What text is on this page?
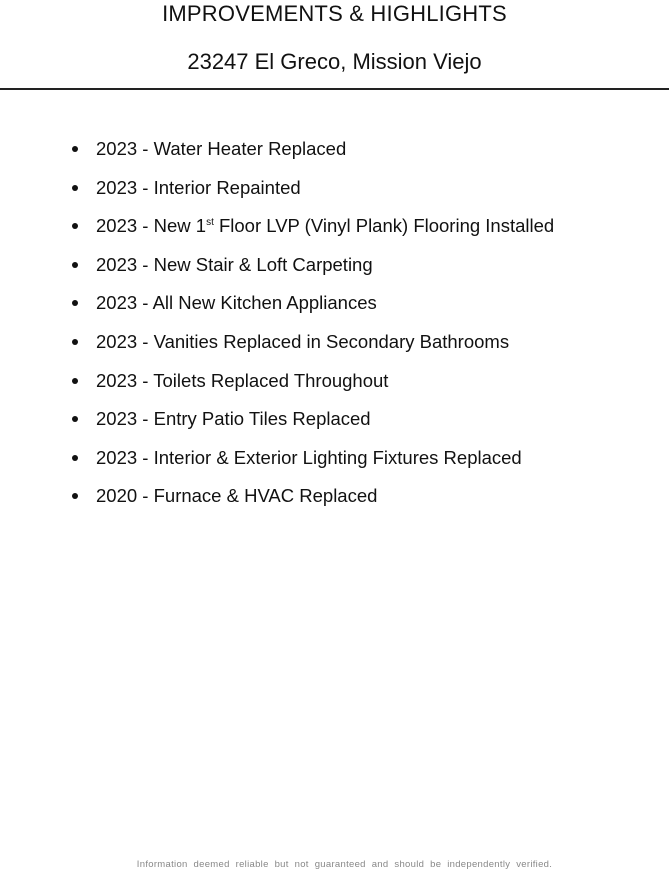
IMPROVEMENTS & HIGHLIGHTS
23247 El Greco, Mission Viejo
2023 - Water Heater Replaced
2023 - Interior Repainted
2023 - New 1st Floor LVP (Vinyl Plank) Flooring Installed
2023 - New Stair & Loft Carpeting
2023 - All New Kitchen Appliances
2023 - Vanities Replaced in Secondary Bathrooms
2023 - Toilets Replaced Throughout
2023 - Entry Patio Tiles Replaced
2023 - Interior & Exterior Lighting Fixtures Replaced
2020 - Furnace & HVAC Replaced
Information deemed reliable but not guaranteed and should be independently verified.
